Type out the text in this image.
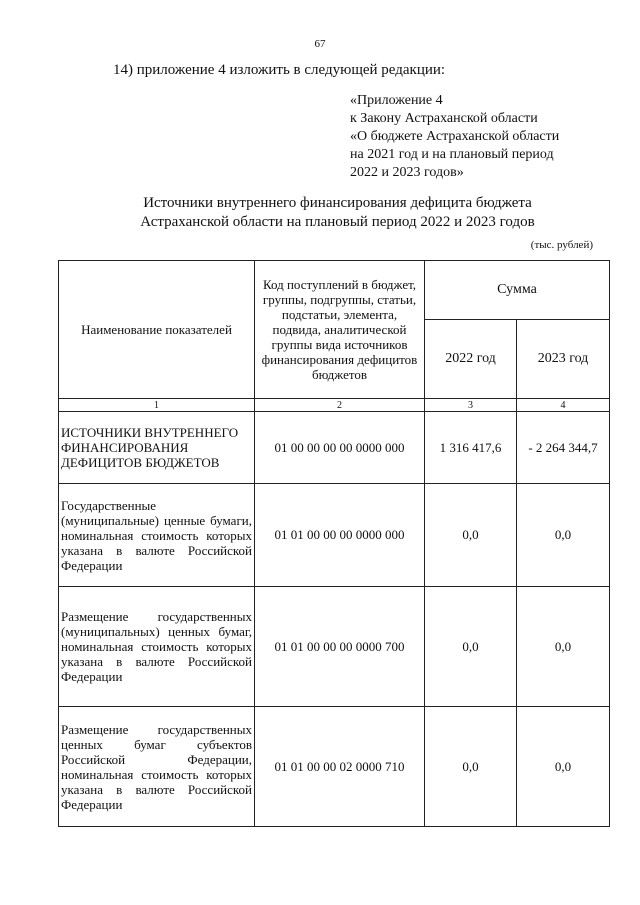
67
14) приложение 4 изложить в следующей редакции:
«Приложение 4
к Закону Астраханской области
«О бюджете Астраханской области
на 2021 год и на плановый период
2022 и 2023 годов»
Источники внутреннего финансирования дефицита бюджета
Астраханской области на плановый период 2022 и 2023 годов
(тыс. рублей)
Наименование показателей	Код поступлений в бюджет, группы, подгруппы, статьи, подстатьи, элемента, подвида, аналитической группы вида источников финансирования дефицитов бюджетов	Сумма	
		2022 год	2023 год
1	2	3	4
ИСТОЧНИКИ ВНУТРЕННЕГО ФИНАНСИРОВАНИЯ ДЕФИЦИТОВ БЮДЖЕТОВ	01 00 00 00 00 0000 000	1 316 417,6	- 2 264 344,7
Государственные (муниципальные) ценные бумаги, номинальная стоимость которых указана в валюте Российской Федерации	01 01 00 00 00 0000 000	0,0	0,0
Размещение государственных (муниципальных) ценных бумаг, номинальная стоимость которых указана в валюте Российской Федерации	01 01 00 00 00 0000 700	0,0	0,0
Размещение государственных ценных бумаг субъектов Российской Федерации, номинальная стоимость которых указана в валюте Российской Федерации	01 01 00 00 02 0000 710	0,0	0,0
